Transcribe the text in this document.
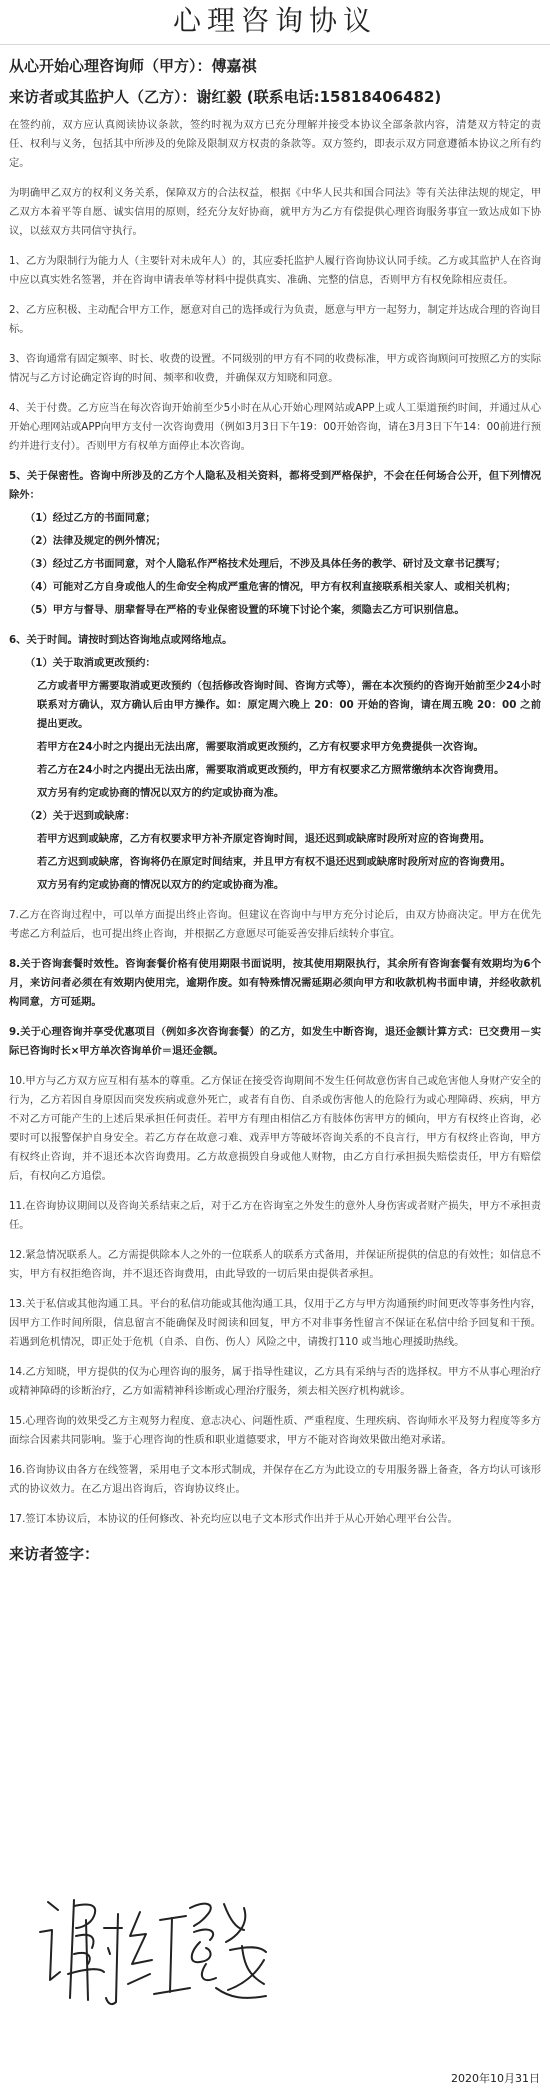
心理咨询协议
从心开始心理咨询师（甲方）：傅嘉祺
来访者或其监护人（乙方）：谢红毅 (联系电话:15818406482)
在签约前，双方应认真阅读协议条款，签约时视为双方已充分理解并接受本协议全部条款内容，清楚双方特定的责任、权利与义务，包括其中所涉及的免除及限制双方权责的条款等。双方签约，即表示双方同意遵循本协议之所有约定。
为明确甲乙双方的权利义务关系，保障双方的合法权益，根据《中华人民共和国合同法》等有关法律法规的规定，甲乙双方本着平等自愿、诚实信用的原则，经充分友好协商，就甲方为乙方有偿提供心理咨询服务事宜一致达成如下协议，以兹双方共同信守执行。
1、乙方为限制行为能力人（主要针对未成年人）的，其应委托监护人履行咨询协议认同手续。乙方或其监护人在咨询中应以真实姓名签署，并在咨询申请表单等材料中提供真实、准确、完整的信息，否则甲方有权免除相应责任。
2、乙方应积极、主动配合甲方工作，愿意对自己的选择或行为负责，愿意与甲方一起努力，制定并达成合理的咨询目标。
3、咨询通常有固定频率、时长、收费的设置。不同级别的甲方有不同的收费标准，甲方或咨询顾问可按照乙方的实际情况与乙方讨论确定咨询的时间、频率和收费，并确保双方知晓和同意。
4、关于付费。乙方应当在每次咨询开始前至少5小时在从心开始心理网站或APP上或人工渠道预约时间，并通过从心开始心理网站或APP向甲方支付一次咨询费用（例如3月3日下午19：00开始咨询，请在3月3日下午14：00前进行预约并进行支付）。否则甲方有权单方面停止本次咨询。
5、关于保密性。咨询中所涉及的乙方个人隐私及相关资料，都将受到严格保护，不会在任何场合公开，但下列情况除外：
（1）经过乙方的书面同意；
（2）法律及规定的例外情况；
（3）经过乙方书面同意，对个人隐私作严格技术处理后，不涉及具体任务的教学、研讨及文章书记撰写；
（4）可能对乙方自身或他人的生命安全构成严重危害的情况，甲方有权利直接联系相关家人、或相关机构；
（5）甲方与督导、朋辈督导在严格的专业保密设置的环境下讨论个案，须隐去乙方可识别信息。
6、关于时间。请按时到达咨询地点或网络地点。
（1）关于取消或更改预约：
乙方或者甲方需要取消或更改预约（包括修改咨询时间、咨询方式等），需在本次预约的咨询开始前至少24小时联系对方确认，双方确认后由甲方操作。如：原定周六晚上 20：00 开始的咨询，请在周五晚 20：00 之前提出更改。
若甲方在24小时之内提出无法出席，需要取消或更改预约，乙方有权要求甲方免费提供一次咨询。
若乙方在24小时之内提出无法出席，需要取消或更改预约，甲方有权要求乙方照常缴纳本次咨询费用。
双方另有约定或协商的情况以双方的约定或协商为准。
（2）关于迟到或缺席：
若甲方迟到或缺席，乙方有权要求甲方补齐原定咨询时间，退还迟到或缺席时段所对应的咨询费用。
若乙方迟到或缺席，咨询将仍在原定时间结束，并且甲方有权不退还迟到或缺席时段所对应的咨询费用。
双方另有约定或协商的情况以双方的约定或协商为准。
7.乙方在咨询过程中，可以单方面提出终止咨询。但建议在咨询中与甲方充分讨论后，由双方协商决定。甲方在优先考虑乙方利益后，也可提出终止咨询，并根据乙方意愿尽可能妥善安排后续转介事宜。
8.关于咨询套餐时效性。咨询套餐价格有使用期限书面说明，按其使用期限执行，其余所有咨询套餐有效期均为6个月，来访问者必须在有效期内使用完，逾期作废。如有特殊情况需延期必须向甲方和收款机构书面申请，并经收款机构同意，方可延期。
9.关于心理咨询并享受优惠项目（例如多次咨询套餐）的乙方，如发生中断咨询，退还金额计算方式：已交费用－实际已咨询时长×甲方单次咨询单价＝退还金额。
10.甲方与乙方双方应互相有基本的尊重。乙方保证在接受咨询期间不发生任何故意伤害自己或危害他人身财产安全的行为，乙方若因自身原因而突发疾病或意外死亡，或者有自伤、自杀或伤害他人的危险行为或心理障碍、疾病，甲方不对乙方可能产生的上述后果承担任何责任。若甲方有理由相信乙方有肢体伤害甲方的倾向，甲方有权终止咨询，必要时可以报警保护自身安全。若乙方存在故意刁难、戏弄甲方等破坏咨询关系的不良言行，甲方有权终止咨询，甲方有权终止咨询，并不退还本次咨询费用。乙方故意损毁自身或他人财物，由乙方自行承担损失赔偿责任，甲方有赔偿后，有权向乙方追偿。
11.在咨询协议期间以及咨询关系结束之后，对于乙方在咨询室之外发生的意外人身伤害或者财产损失，甲方不承担责任。
12.紧急情况联系人。乙方需提供除本人之外的一位联系人的联系方式备用，并保证所提供的信息的有效性；如信息不实，甲方有权拒绝咨询，并不退还咨询费用，由此导致的一切后果由提供者承担。
13.关于私信或其他沟通工具。平台的私信功能或其他沟通工具，仅用于乙方与甲方沟通预约时间更改等事务性内容，因甲方工作时间所限，信息留言不能确保及时阅读和回复，甲方不对非事务性留言不保证在私信中给予回复和干预。若遇到危机情况，即正处于危机（自杀、自伤、伤人）风险之中，请拨打110 或当地心理援助热线。
14.乙方知晓，甲方提供的仅为心理咨询的服务，属于指导性建议，乙方具有采纳与否的选择权。甲方不从事心理治疗或精神障碍的诊断治疗，乙方如需精神科诊断或心理治疗服务，须去相关医疗机构就诊。
15.心理咨询的效果受乙方主观努力程度、意志决心、问题性质、严重程度、生理疾病、咨询师水平及努力程度等多方面综合因素共同影响。鉴于心理咨询的性质和职业道德要求，甲方不能对咨询效果做出绝对承诺。
16.咨询协议由各方在线签署，采用电子文本形式制成，并保存在乙方为此设立的专用服务器上备查，各方均认可该形式的协议效力。在乙方退出咨询后，咨询协议终止。
17.签订本协议后，本协议的任何修改、补充均应以电子文本形式作出并于从心开始心理平台公告。
来访者签字：
2020年10月31日
